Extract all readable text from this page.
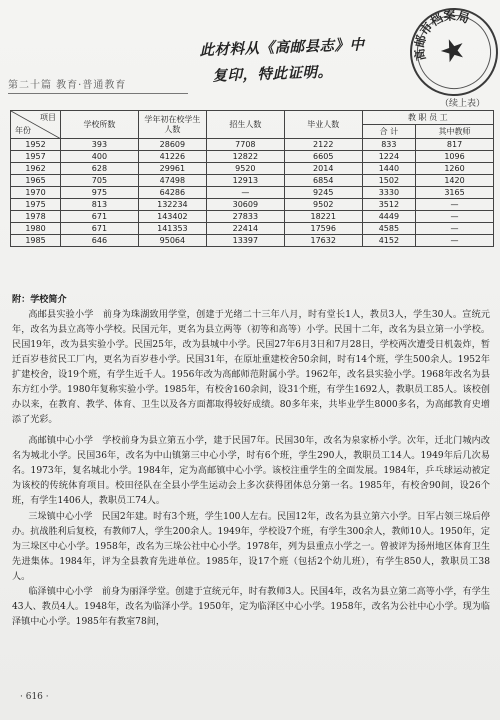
此材料从《高邮县志》中
复印，特此证明。
高邮市档案局
★
第二十篇 教育·普通教育
（续上表）
项目
年份	学校所数	学年初在校学生人数	招生人数	毕业人数	教 职 员 工	
					合 计	其中教师
1952	393	28609	7708	2122	833	817
1957	400	41226	12822	6605	1224	1096
1962	628	29961	9520	2014	1440	1260
1965	705	47498	12913	6854	1502	1420
1970	975	64286	—	9245	3330	3165
1975	813	132234	30609	9502	3512	—
1978	671	143402	27833	18221	4449	—
1980	671	141353	22414	17596	4585	—
1985	646	95064	13397	17632	4152	—
附：学校简介

高邮县实验小学　前身为珠湖致用学堂，创建于光绪二十三年八月，时有堂长1人，教员3人，学生30人。宣统元年，改名为县立高等小学校。民国元年，更名为县立两等（初等和高等）小学。民国十二年，改名为县立第一小学校。民国19年，改为县实验小学。民国25年，改为县城中小学。民国27年6月3日和7月28日，学校两次遭受日机轰炸，暂迁百岁巷贫民工厂内，更名为百岁巷小学。民国31年，在原址重建校舍50余间，时有14个班，学生500余人。1952年扩建校舍，设19个班，有学生近千人。1956年改为高邮师范附属小学。1962年，改名县实验小学。1968年改名为县东方红小学。1980年复称实验小学。1985年，有校舍160余间，设31个班，有学生1692人，教职员工85人。该校创办以来，在教育、教学、体育、卫生以及各方面都取得较好成绩。80多年来，共毕业学生8000多名，为高邮教育史增添了光彩。

高邮镇中心小学　学校前身为县立第五小学，建于民国7年。民国30年，改名为泉家桥小学。次年，迁北门城内改名为城北小学。民国36年，改名为中山镇第三中心小学，时有6个班，学生290人，教职员工14人。1949年后几次易名。1973年，复名城北小学。1984年，定为高邮镇中心小学。该校注重学生的全面发展。1984年，乒乓球运动被定为该校的传统体育项目。校田径队在全县小学生运动会上多次获得团体总分第一名。1985年，有校舍90间，设26个班，有学生1406人，教职员工74人。

三垛镇中心小学　民国2年建。时有3个班，学生100人左右。民国12年，改名为县立第六小学。日军占领三垛后停办。抗战胜利后复校，有教师7人，学生200余人。1949年，学校设7个班，有学生300余人，教师10人。1950年，定为三垛区中心小学。1958年，改名为三垛公社中心小学。1978年，列为县重点小学之一。曾被评为扬州地区体育卫生先进集体。1984年，评为全县教育先进单位。1985年，设17个班（包括2个幼儿班），有学生850人，教职员工38人。

临泽镇中心小学　前身为丽泽学堂。创建于宣统元年，时有教师3人。民国4年，改名为县立第二高等小学，有学生43人、教员4人。1948年，改名为临泽小学。1950年，定为临泽区中心小学。1958年，改名为公社中心小学。现为临泽镇中心小学。1985年有教室78间，

· 616 ·
